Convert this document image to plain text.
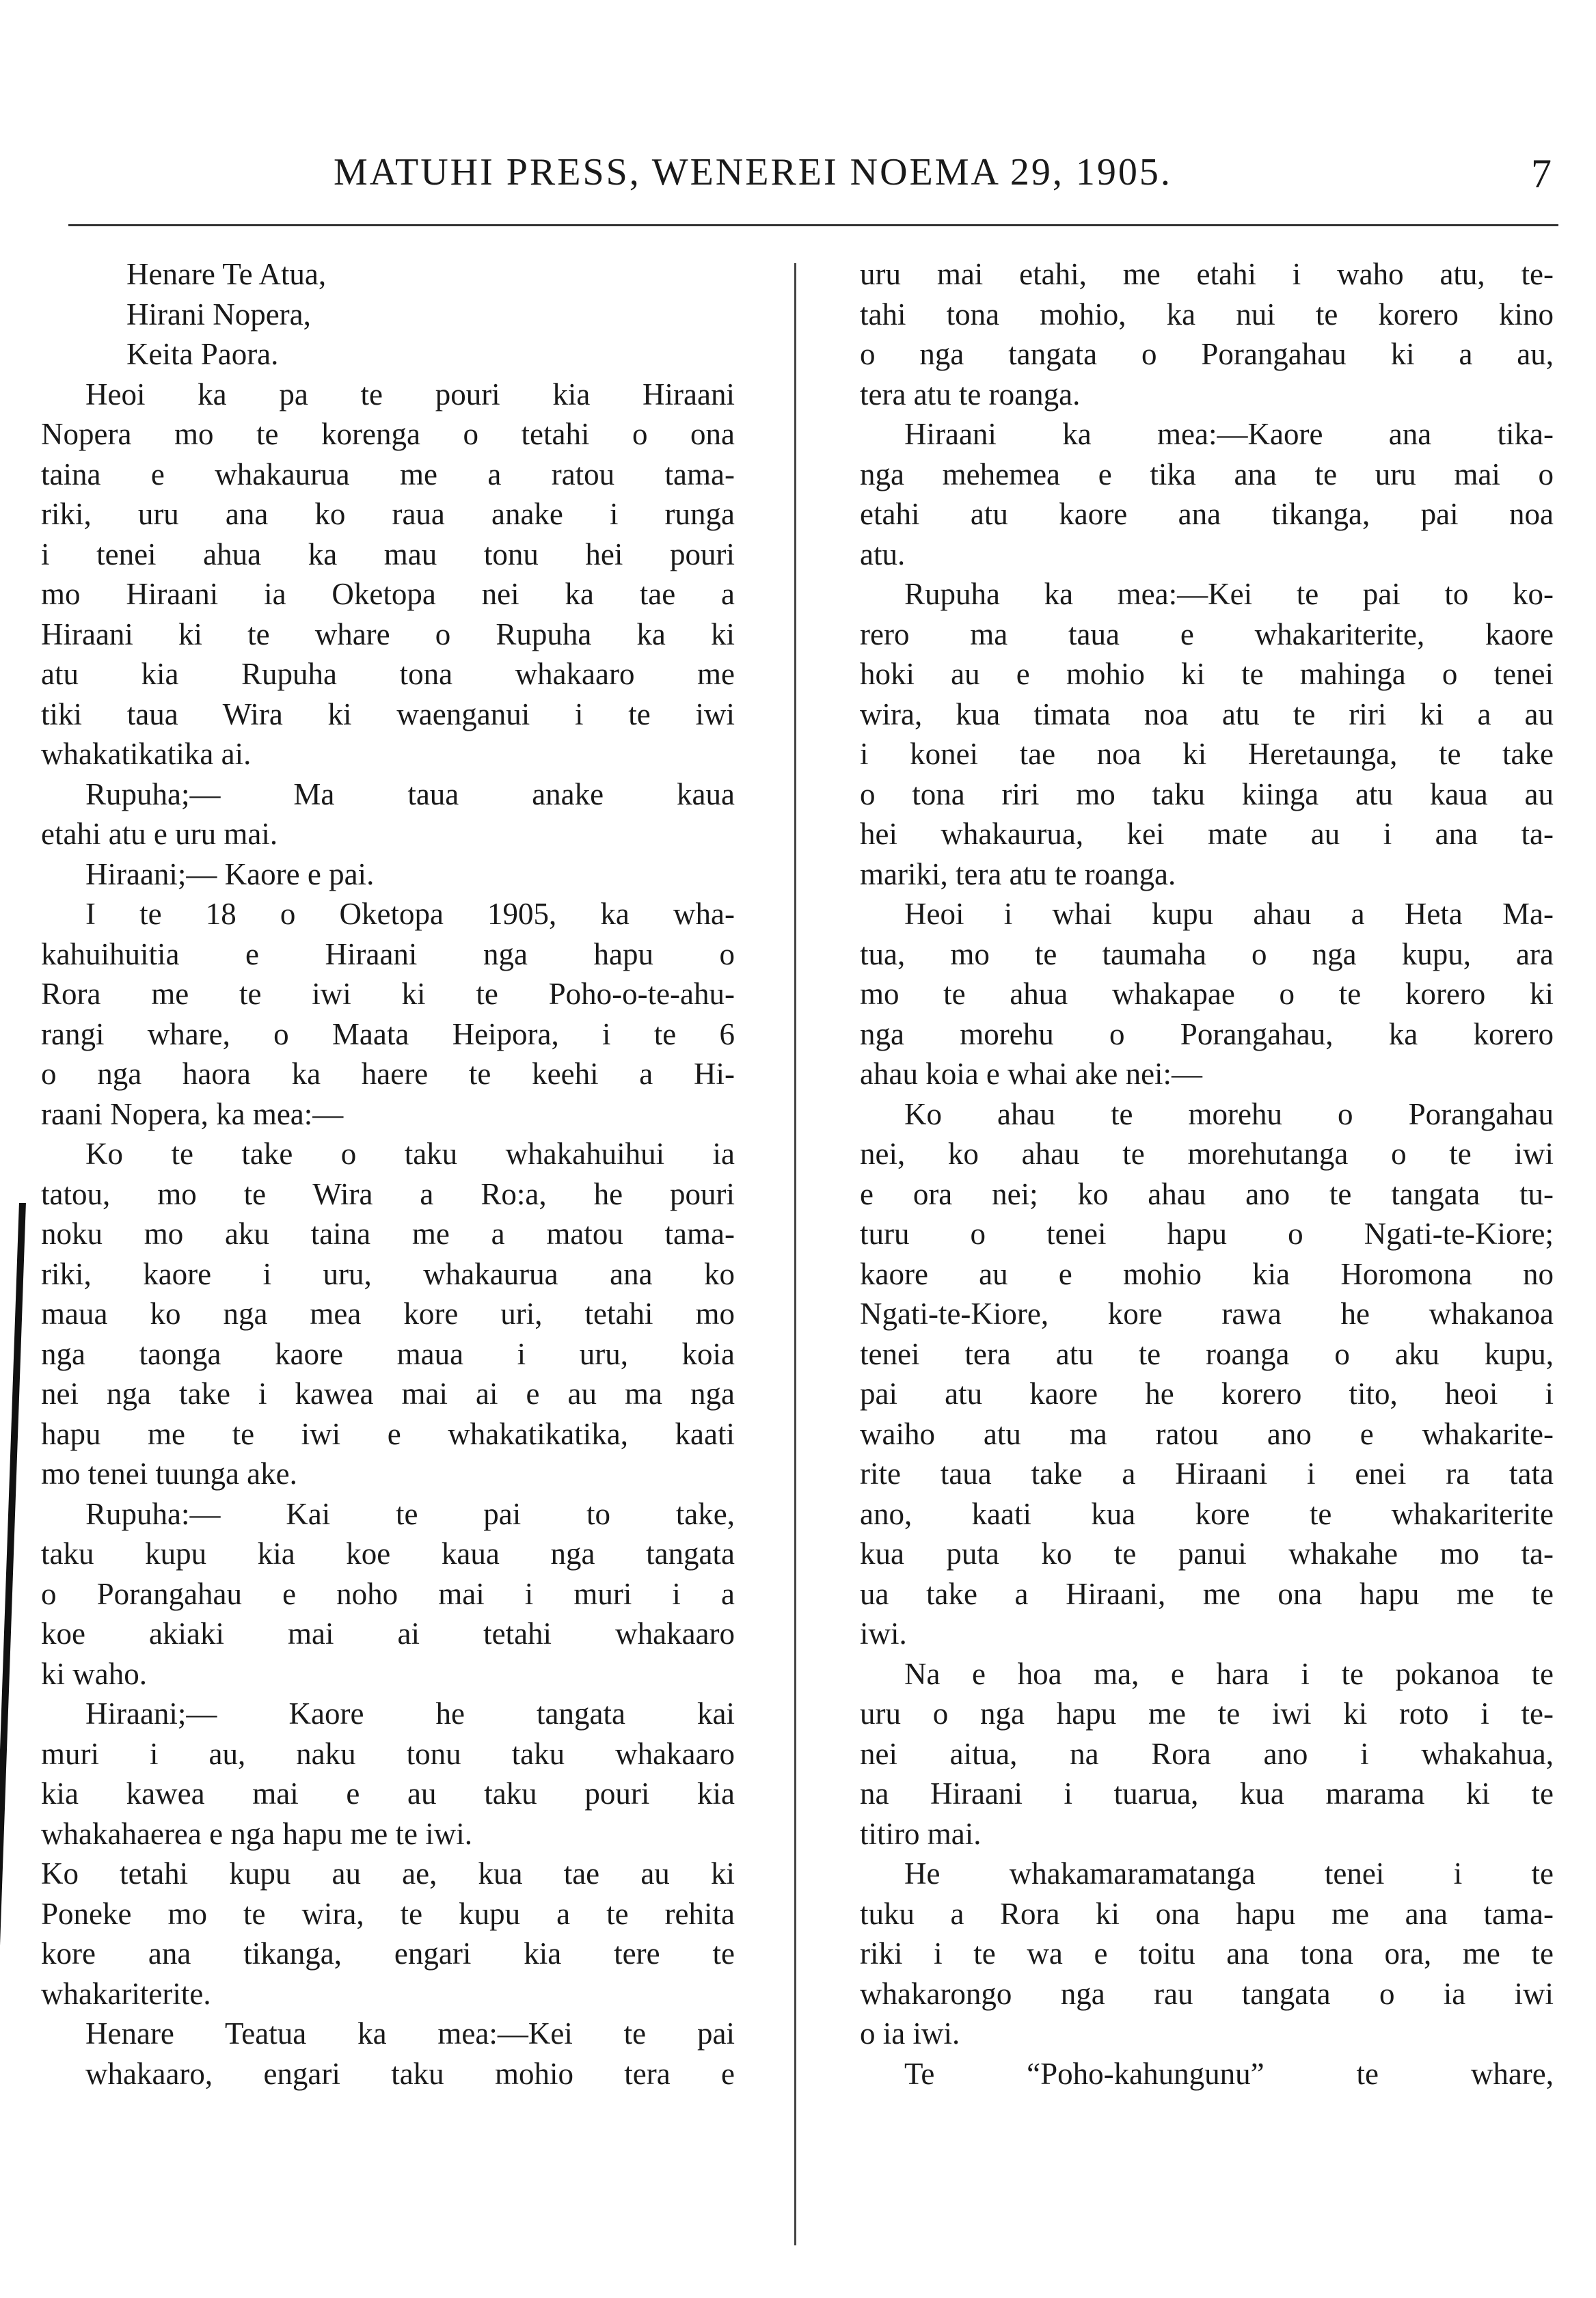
MATUHI PRESS, WENEREI NOEMA 29, 1905.	7
Henare Te Atua,
Hirani Nopera,
Keita Paora.
Heoi ka pa te pouri kia Hiraani
Nopera mo te korenga o tetahi o ona
taina e whakaurua me a ratou tama-
riki, uru ana ko raua anake i runga
i tenei ahua ka mau tonu hei pouri
mo Hiraani ia Oketopa nei ka tae a
Hiraani ki te whare o Rupuha ka ki
atu kia Rupuha tona whakaaro me
tiki taua Wira ki waenganui i te iwi
whakatikatika ai.
Rupuha;— Ma taua anake kaua
etahi atu e uru mai.
Hiraani;— Kaore e pai.
I te 18 o Oketopa 1905, ka wha-
kahuihuitia e Hiraani nga hapu o
Rora me te iwi ki te Poho-o-te-ahu-
rangi whare, o Maata Heipora, i te 6
o nga haora ka haere te keehi a Hi-
raani Nopera, ka mea:—
Ko te take o taku whakahuihui ia
tatou, mo te Wira a Ro:a, he pouri
noku mo aku taina me a matou tama-
riki, kaore i uru, whakaurua ana ko
maua ko nga mea kore uri, tetahi mo
nga taonga kaore maua i uru, koia
nei nga take i kawea mai ai e au ma nga
hapu me te iwi e whakatikatika, kaati
mo tenei tuunga ake.
Rupuha:— Kai te pai to take,
taku kupu kia koe kaua nga tangata
o Porangahau e noho mai i muri i a
koe akiaki mai ai tetahi whakaaro
ki waho.
Hiraani;— Kaore he tangata kai
muri i au, naku tonu taku whakaaro
kia kawea mai e au taku pouri kia
whakahaerea e nga hapu me te iwi.
Ko tetahi kupu au ae, kua tae au ki
Poneke mo te wira, te kupu a te rehita
kore ana tikanga, engari kia tere te
whakariterite.
Henare Teatua ka mea:—Kei te pai
whakaaro, engari taku mohio tera e
uru mai etahi, me etahi i waho atu, te-
tahi tona mohio, ka nui te korero kino
o nga tangata o Porangahau ki a au,
tera atu te roanga.
Hiraani ka mea:—Kaore ana tika-
nga mehemea e tika ana te uru mai o
etahi atu kaore ana tikanga, pai noa
atu.
Rupuha ka mea:—Kei te pai to ko-
rero ma taua e whakariterite, kaore
hoki au e mohio ki te mahinga o tenei
wira, kua timata noa atu te riri ki a au
i konei tae noa ki Heretaunga, te take
o tona riri mo taku kiinga atu kaua au
hei whakaurua, kei mate au i ana ta-
mariki, tera atu te roanga.
Heoi i whai kupu ahau a Heta Ma-
tua, mo te taumaha o nga kupu, ara
mo te ahua whakapae o te korero ki
nga morehu o Porangahau, ka korero
ahau koia e whai ake nei:—
Ko ahau te morehu o Porangahau
nei, ko ahau te morehutanga o te iwi
e ora nei; ko ahau ano te tangata tu-
turu o tenei hapu o Ngati-te-Kiore;
kaore au e mohio kia Horomona no
Ngati-te-Kiore, kore rawa he whakanoa
tenei tera atu te roanga o aku kupu,
pai atu kaore he korero tito, heoi i
waiho atu ma ratou ano e whakarite-
rite taua take a Hiraani i enei ra tata
ano, kaati kua kore te whakariterite
kua puta ko te panui whakahe mo ta-
ua take a Hiraani, me ona hapu me te
iwi.
Na e hoa ma, e hara i te pokanoa te
uru o nga hapu me te iwi ki roto i te-
nei aitua, na Rora ano i whakahua,
na Hiraani i tuarua, kua marama ki te
titiro mai.
He whakamaramatanga tenei i te
tuku a Rora ki ona hapu me ana tama-
riki i te wa e toitu ana tona ora, me te
whakarongo nga rau tangata o ia iwi
o ia iwi.
Te “Poho-kahungunu” te whare,
